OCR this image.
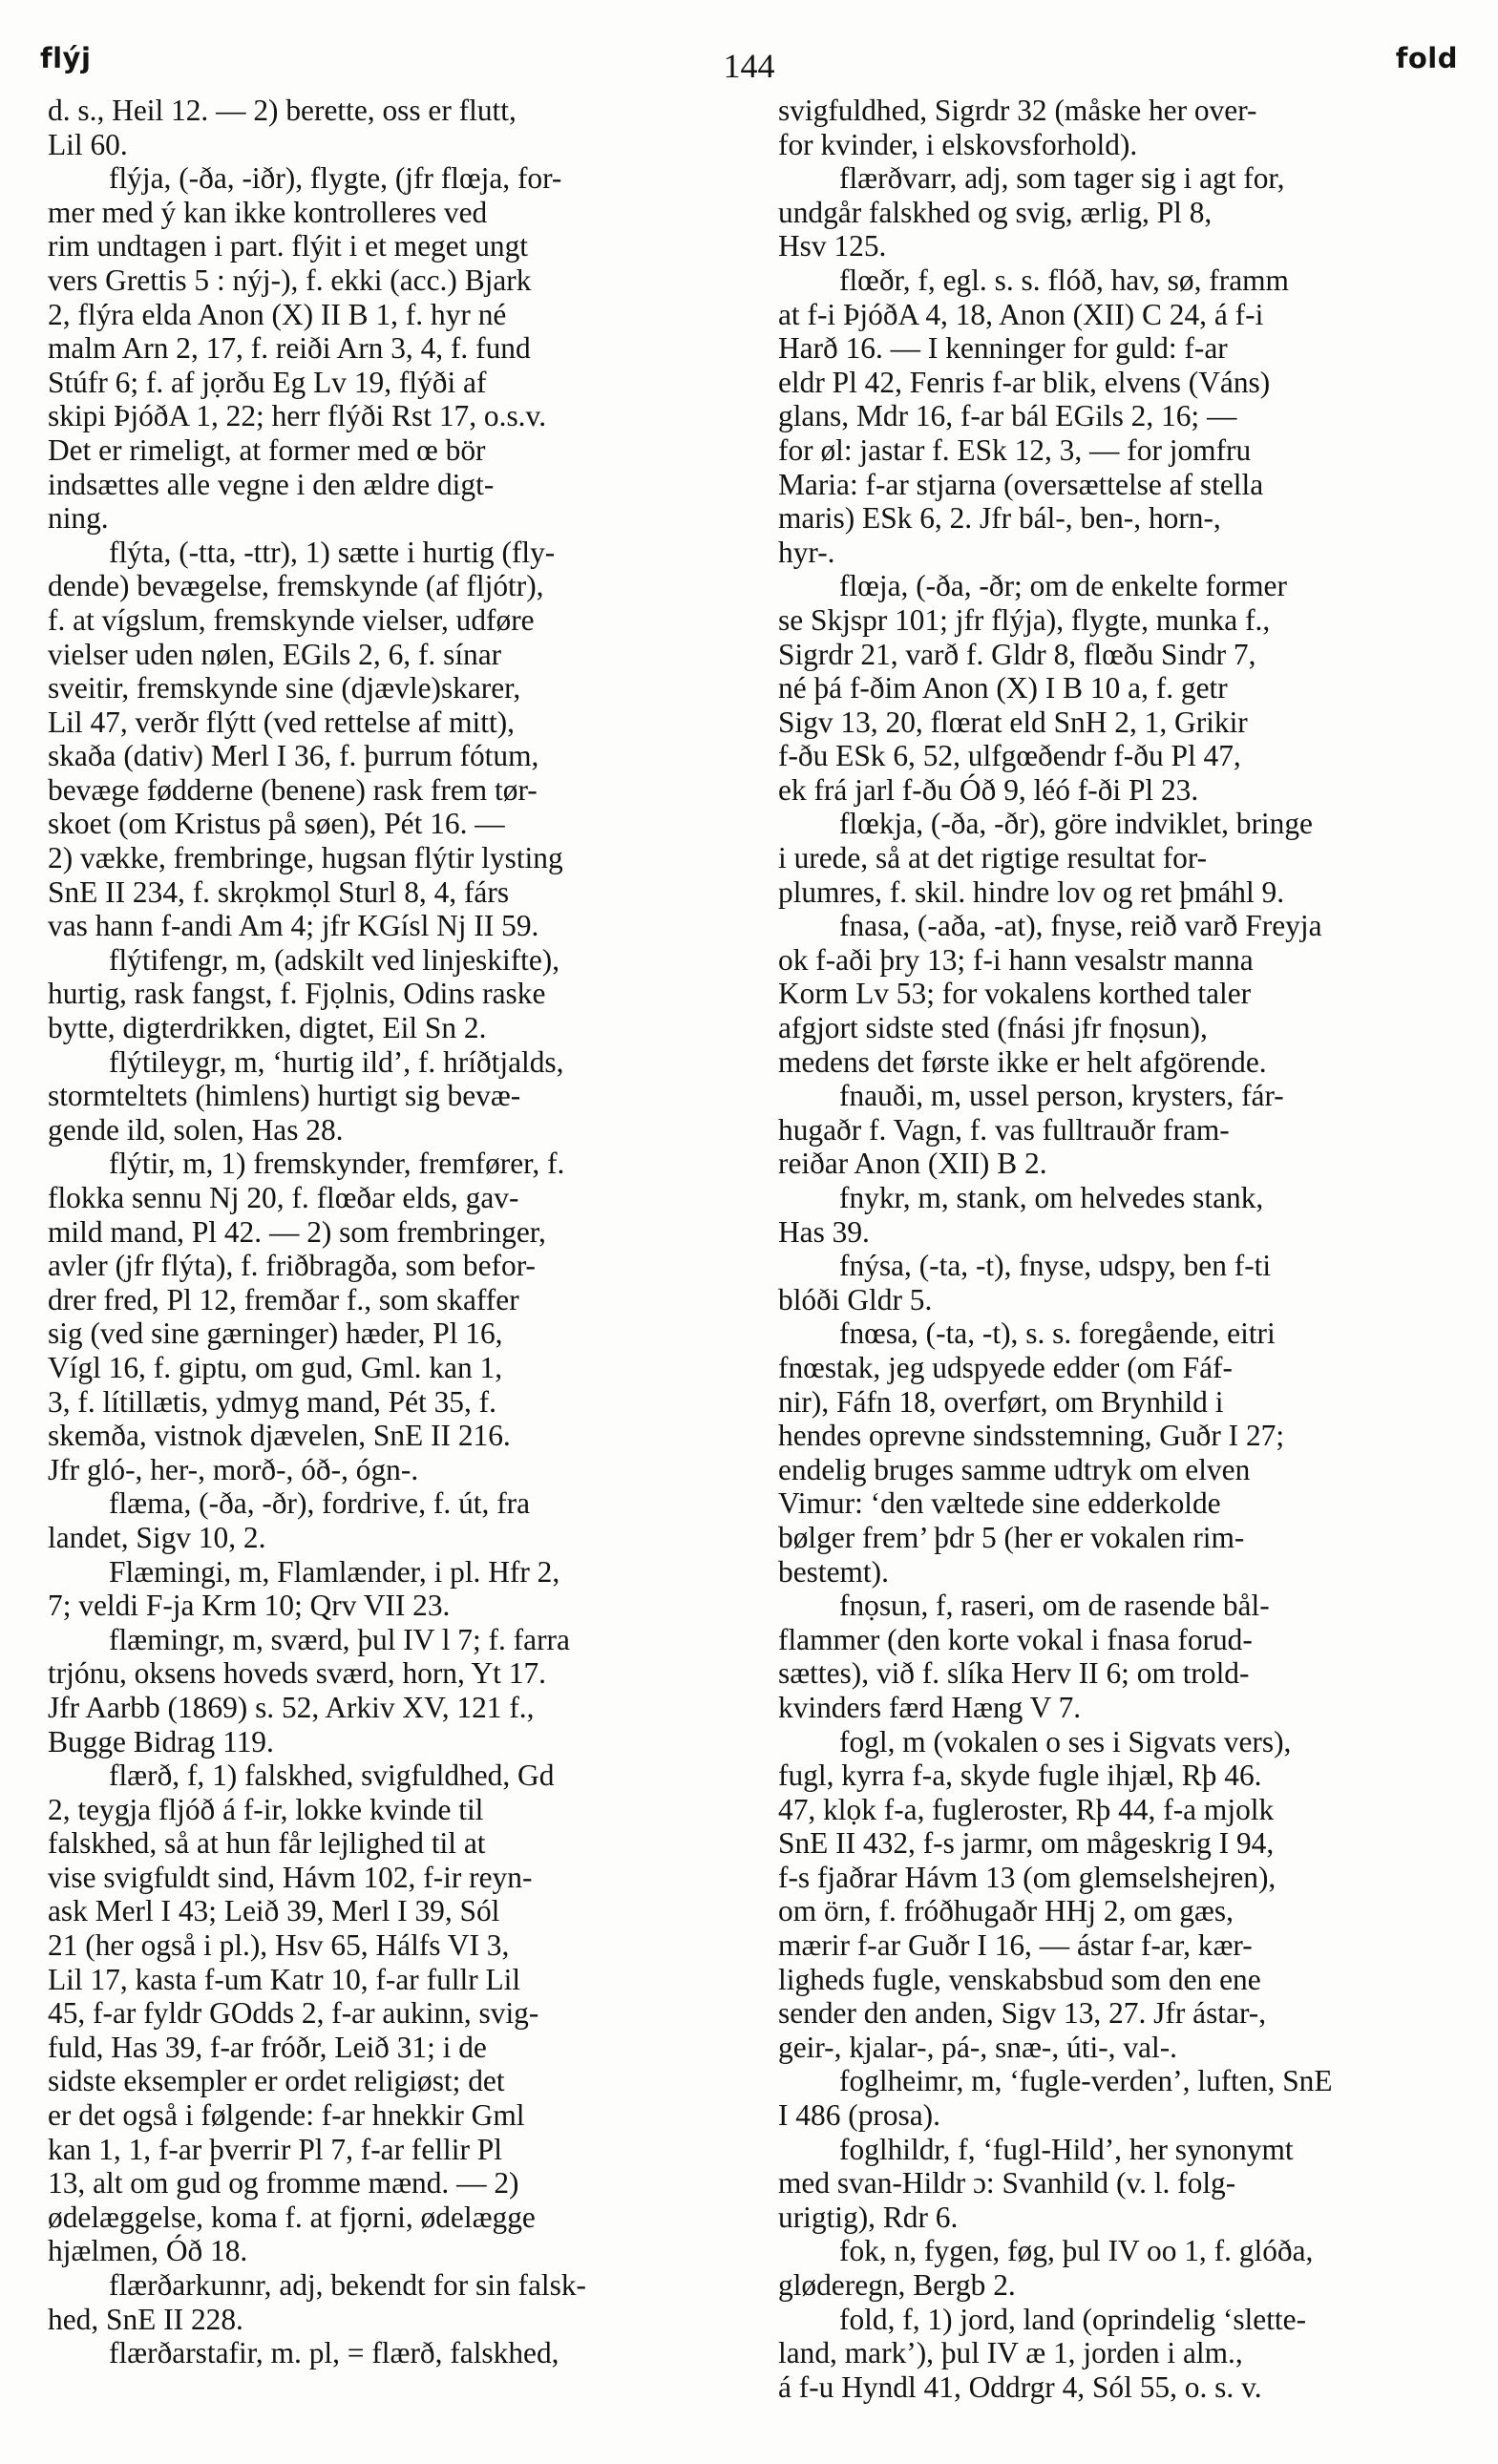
flýj	144	fold
d. s., Heil 12. — 2) berette, oss er flutt,
Lil 60.
flýja, (-ða, -iðr), flygte, (jfr flœja, for-
mer med ý kan ikke kontrolleres ved
rim undtagen i part. flýit i et meget ungt
vers Grettis 5 : nýj-), f. ekki (acc.) Bjark
2, flýra elda Anon (X) II B 1, f. hyr né
malm Arn 2, 17, f. reiði Arn 3, 4, f. fund
Stúfr 6; f. af jọrðu Eg Lv 19, flýði af
skipi ÞjóðA 1, 22; herr flýði Rst 17, o.s.v.
Det er rimeligt, at former med œ bör
indsættes alle vegne i den ældre digt-
ning.
flýta, (-tta, -ttr), 1) sætte i hurtig (fly-
dende) bevægelse, fremskynde (af fljótr),
f. at vígslum, fremskynde vielser, udføre
vielser uden nølen, EGils 2, 6, f. sínar
sveitir, fremskynde sine (djævle)skarer,
Lil 47, verðr flýtt (ved rettelse af mitt),
skaða (dativ) Merl I 36, f. þurrum fótum,
bevæge fødderne (benene) rask frem tør-
skoet (om Kristus på søen), Pét 16. —
2) vække, frembringe, hugsan flýtir lysting
SnE II 234, f. skrọkmọl Sturl 8, 4, fárs
vas hann f-andi Am 4; jfr KGísl Nj II 59.
flýtifengr, m, (adskilt ved linjeskifte),
hurtig, rask fangst, f. Fjọlnis, Odins raske
bytte, digterdrikken, digtet, Eil Sn 2.
flýtileygr, m, ‘hurtig ild’, f. hríðtjalds,
stormteltets (himlens) hurtigt sig bevæ-
gende ild, solen, Has 28.
flýtir, m, 1) fremskynder, fremfører, f.
flokka sennu Nj 20, f. flœðar elds, gav-
mild mand, Pl 42. — 2) som frembringer,
avler (jfr flýta), f. friðbragða, som befor-
drer fred, Pl 12, fremðar f., som skaffer
sig (ved sine gærninger) hæder, Pl 16,
Vígl 16, f. giptu, om gud, Gml. kan 1,
3, f. lítillætis, ydmyg mand, Pét 35, f.
skemða, vistnok djævelen, SnE II 216.
Jfr gló-, her-, morð-, óð-, ógn-.
flæma, (-ða, -ðr), fordrive, f. út, fra
landet, Sigv 10, 2.
Flæmingi, m, Flamlænder, i pl. Hfr 2,
7; veldi F-ja Krm 10; Qrv VII 23.
flæmingr, m, sværd, þul IV l 7; f. farra
trjónu, oksens hoveds sværd, horn, Yt 17.
Jfr Aarbb (1869) s. 52, Arkiv XV, 121 f.,
Bugge Bidrag 119.
flærð, f, 1) falskhed, svigfuldhed, Gd
2, teygja fljóð á f-ir, lokke kvinde til
falskhed, så at hun får lejlighed til at
vise svigfuldt sind, Hávm 102, f-ir reyn-
ask Merl I 43; Leið 39, Merl I 39, Sól
21 (her også i pl.), Hsv 65, Hálfs VI 3,
Lil 17, kasta f-um Katr 10, f-ar fullr Lil
45, f-ar fyldr GOdds 2, f-ar aukinn, svig-
fuld, Has 39, f-ar fróðr, Leið 31; i de
sidste eksempler er ordet religiøst; det
er det også i følgende: f-ar hnekkir Gml
kan 1, 1, f-ar þverrir Pl 7, f-ar fellir Pl
13, alt om gud og fromme mænd. — 2)
ødelæggelse, koma f. at fjọrni, ødelægge
hjælmen, Óð 18.
flærðarkunnr, adj, bekendt for sin falsk-
hed, SnE II 228.
flærðarstafir, m. pl, = flærð, falskhed,
svigfuldhed, Sigrdr 32 (måske her over-
for kvinder, i elskovsforhold).
flærðvarr, adj, som tager sig i agt for,
undgår falskhed og svig, ærlig, Pl 8,
Hsv 125.
flœðr, f, egl. s. s. flóð, hav, sø, framm
at f-i ÞjóðA 4, 18, Anon (XII) C 24, á f-i
Harð 16. — I kenninger for guld: f-ar
eldr Pl 42, Fenris f-ar blik, elvens (Váns)
glans, Mdr 16, f-ar bál EGils 2, 16; —
for øl: jastar f. ESk 12, 3, — for jomfru
Maria: f-ar stjarna (oversættelse af stella
maris) ESk 6, 2. Jfr bál-, ben-, horn-,
hyr-.
flœja, (-ða, -ðr; om de enkelte former
se Skjspr 101; jfr flýja), flygte, munka f.,
Sigrdr 21, varð f. Gldr 8, flœðu Sindr 7,
né þá f-ðim Anon (X) I B 10 a, f. getr
Sigv 13, 20, flœrat eld SnH 2, 1, Grikir
f-ðu ESk 6, 52, ulfgœðendr f-ðu Pl 47,
ek frá jarl f-ðu Óð 9, léó f-ði Pl 23.
flœkja, (-ða, -ðr), göre indviklet, bringe
i urede, så at det rigtige resultat for-
plumres, f. skil. hindre lov og ret þmáhl 9.
fnasa, (-aða, -at), fnyse, reið varð Freyja
ok f-aði þry 13; f-i hann vesalstr manna
Korm Lv 53; for vokalens korthed taler
afgjort sidste sted (fnási jfr fnọsun),
medens det første ikke er helt afgörende.
fnauði, m, ussel person, krysters, fár-
hugaðr f. Vagn, f. vas fulltrauðr fram-
reiðar Anon (XII) B 2.
fnykr, m, stank, om helvedes stank,
Has 39.
fnýsa, (-ta, -t), fnyse, udspy, ben f-ti
blóði Gldr 5.
fnœsa, (-ta, -t), s. s. foregående, eitri
fnœstak, jeg udspyede edder (om Fáf-
nir), Fáfn 18, overført, om Brynhild i
hendes oprevne sindsstemning, Guðr I 27;
endelig bruges samme udtryk om elven
Vimur: ‘den væltede sine edderkolde
bølger frem’ þdr 5 (her er vokalen rim-
bestemt).
fnọsun, f, raseri, om de rasende bål-
flammer (den korte vokal i fnasa forud-
sættes), við f. slíka Herv II 6; om trold-
kvinders færd Hæng V 7.
fogl, m (vokalen o ses i Sigvats vers),
fugl, kyrra f-a, skyde fugle ihjæl, Rþ 46.
47, klọk f-a, fugleroster, Rþ 44, f-a mjolk
SnE II 432, f-s jarmr, om mågeskrig I 94,
f-s fjaðrar Hávm 13 (om glemselshejren),
om örn, f. fróðhugaðr HHj 2, om gæs,
mærir f-ar Guðr I 16, — ástar f-ar, kær-
ligheds fugle, venskabsbud som den ene
sender den anden, Sigv 13, 27. Jfr ástar-,
geir-, kjalar-, pá-, snæ-, úti-, val-.
foglheimr, m, ‘fugle-verden’, luften, SnE
I 486 (prosa).
foglhildr, f, ‘fugl-Hild’, her synonymt
med svan-Hildr ɔ: Svanhild (v. l. folg-
urigtig), Rdr 6.
fok, n, fygen, føg, þul IV oo 1, f. glóða,
gløderegn, Bergb 2.
fold, f, 1) jord, land (oprindelig ‘slette-
land, mark’), þul IV æ 1, jorden i alm.,
á f-u Hyndl 41, Oddrgr 4, Sól 55, o. s. v.
